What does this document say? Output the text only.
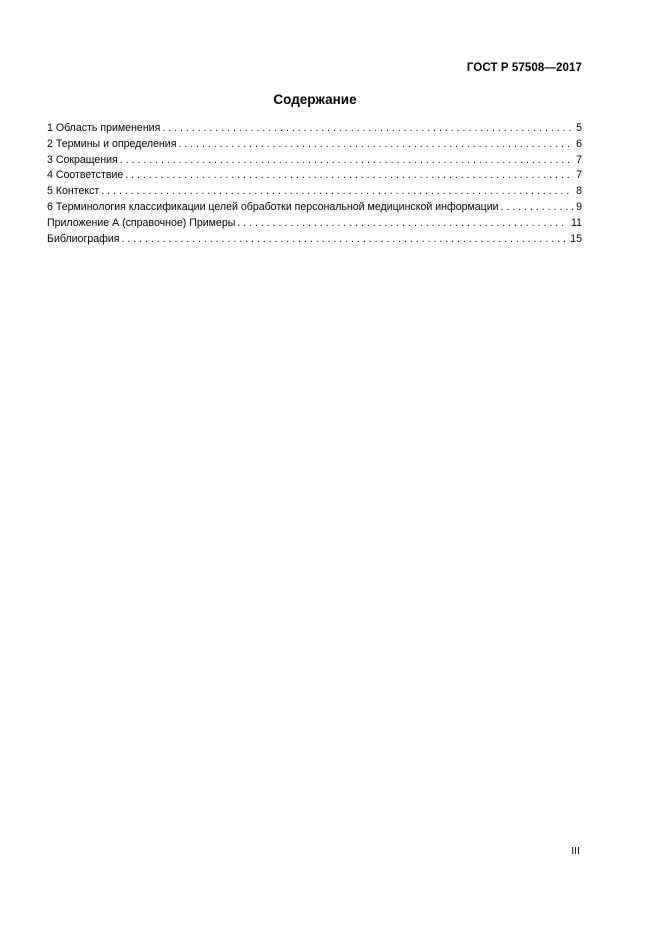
ГОСТ Р 57508—2017
Содержание
1 Область применения . . .	5
2 Термины и определения . . .	6
3 Сокращения . . .	7
4 Соответствие . . .	7
5 Контекст . . .	8
6 Терминология классификации целей обработки персональной медицинской информации . . .	9
Приложение А (справочное) Примеры . . .	11
Библиография . . .	15
III
